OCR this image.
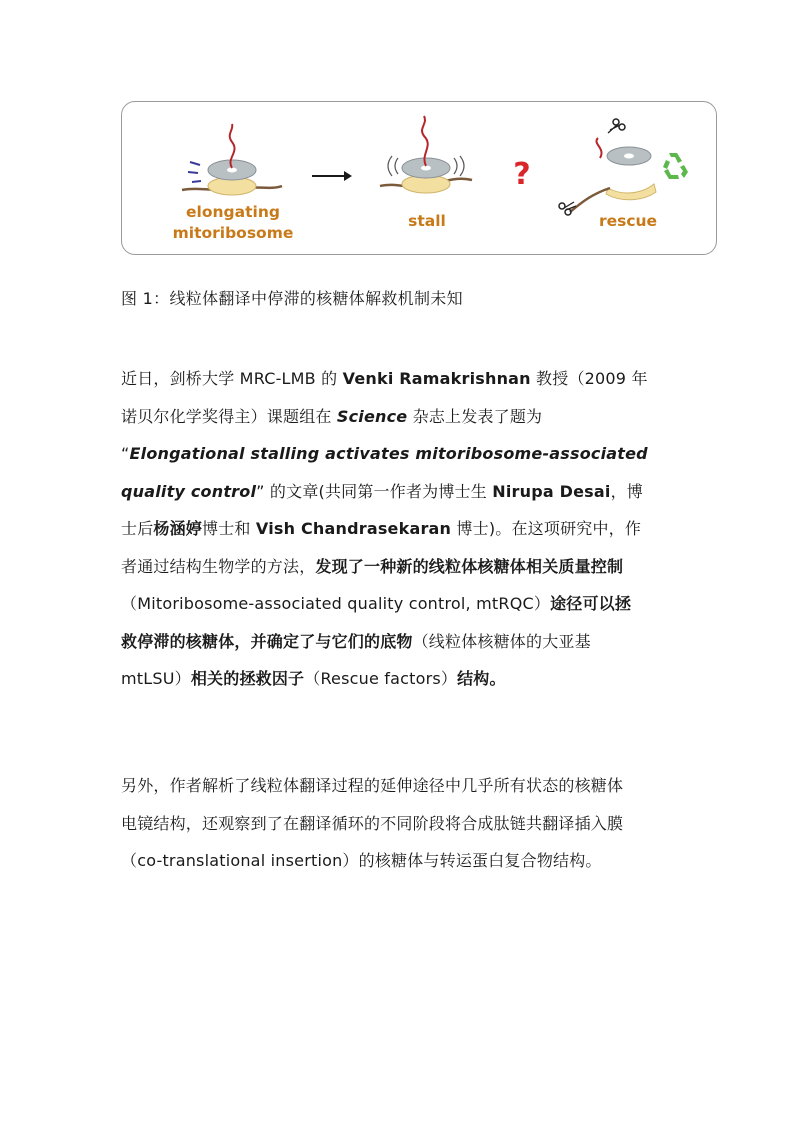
?
elongating
mitoribosome
stall	rescue
图 1：线粒体翻译中停滞的核糖体解救机制未知
近日，剑桥大学 MRC-LMB 的 Venki Ramakrishnan 教授（2009 年
诺贝尔化学奖得主）课题组在 Science 杂志上发表了题为
“Elongational stalling activates mitoribosome-associated
quality control” 的文章(共同第一作者为博士生 Nirupa Desai，博
士后杨涵婷博士和 Vish Chandrasekaran 博士)。在这项研究中，作
者通过结构生物学的方法，发现了一种新的线粒体核糖体相关质量控制
（Mitoribosome-associated quality control, mtRQC）途径可以拯
救停滞的核糖体，并确定了与它们的底物（线粒体核糖体的大亚基
mtLSU）相关的拯救因子（Rescue factors）结构。
另外，作者解析了线粒体翻译过程的延伸途径中几乎所有状态的核糖体
电镜结构，还观察到了在翻译循环的不同阶段将合成肽链共翻译插入膜
（co-translational insertion）的核糖体与转运蛋白复合物结构。
